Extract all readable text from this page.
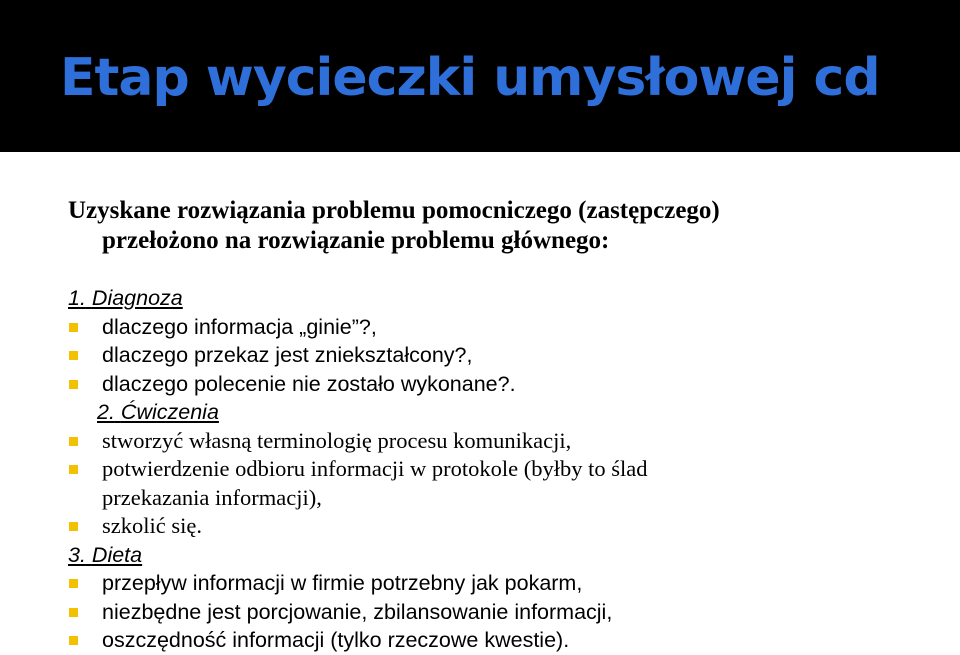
Etap wycieczki umysłowej cd

Uzyskane rozwiązania problemu pomocniczego (zastępczego)
przełożono na rozwiązanie problemu głównego:

1. Diagnoza
dlaczego informacja „ginie”?,
dlaczego przekaz jest zniekształcony?,
dlaczego polecenie nie zostało wykonane?.
2. Ćwiczenia
stworzyć własną terminologię procesu komunikacji,
potwierdzenie odbioru informacji w protokole (byłby to ślad
przekazania informacji),
szkolić się.
3. Dieta
przepływ informacji w firmie potrzebny jak pokarm,
niezbędne jest porcjowanie, zbilansowanie informacji,
oszczędność informacji (tylko rzeczowe kwestie).
